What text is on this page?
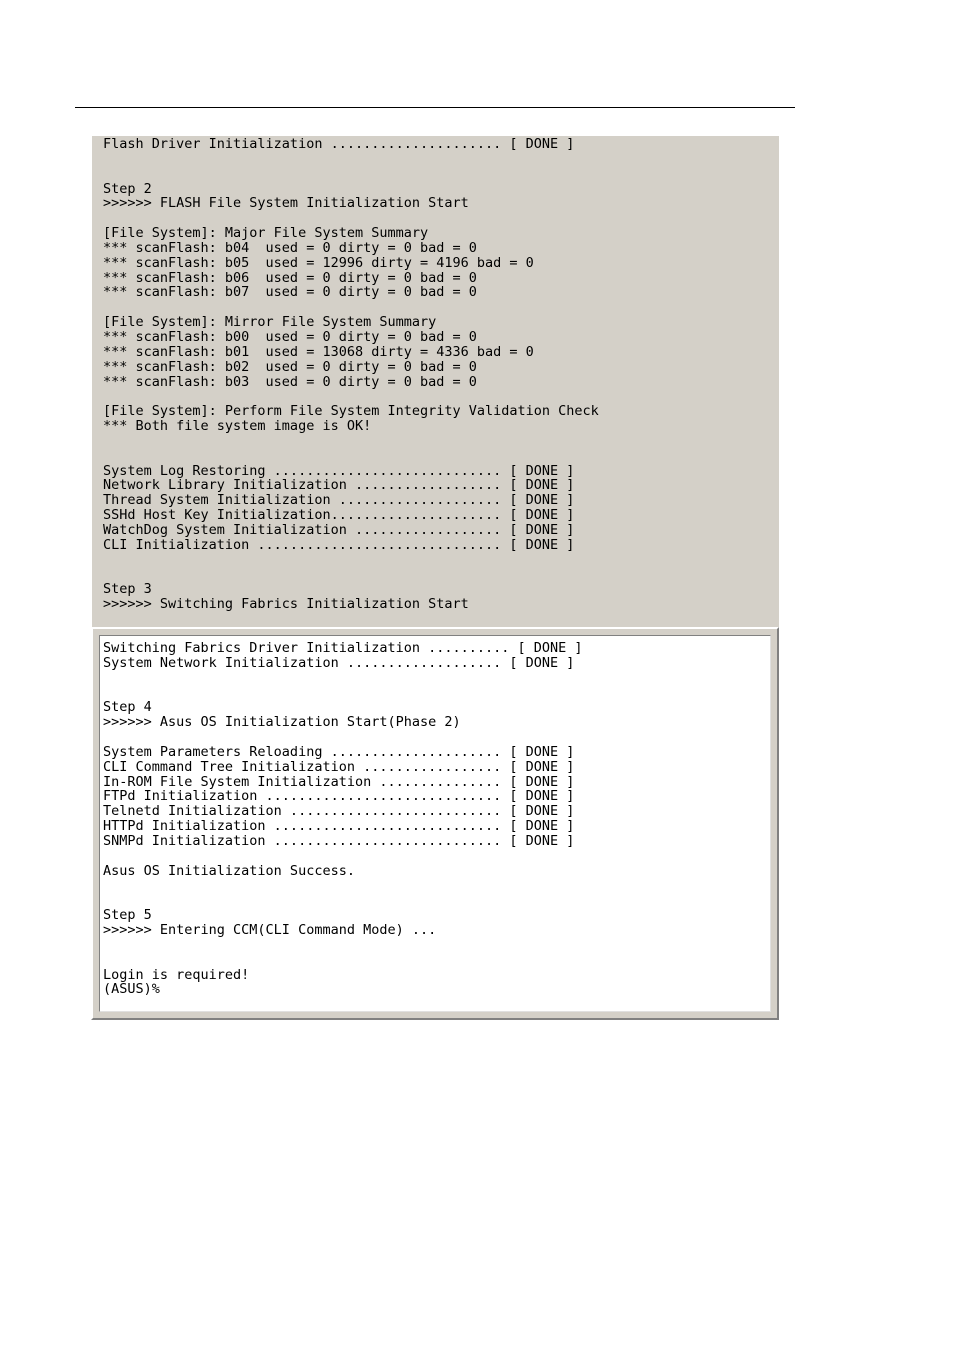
Flash Driver Initialization ..................... [ DONE ]

Step 2
>>>>>> FLASH File System Initialization Start

[File System]: Major File System Summary
*** scanFlash: b04  used = 0 dirty = 0 bad = 0
*** scanFlash: b05  used = 12996 dirty = 4196 bad = 0
*** scanFlash: b06  used = 0 dirty = 0 bad = 0
*** scanFlash: b07  used = 0 dirty = 0 bad = 0

[File System]: Mirror File System Summary
*** scanFlash: b00  used = 0 dirty = 0 bad = 0
*** scanFlash: b01  used = 13068 dirty = 4336 bad = 0
*** scanFlash: b02  used = 0 dirty = 0 bad = 0
*** scanFlash: b03  used = 0 dirty = 0 bad = 0

[File System]: Perform File System Integrity Validation Check
*** Both file system image is OK!

System Log Restoring ............................ [ DONE ]
Network Library Initialization .................. [ DONE ]
Thread System Initialization .................... [ DONE ]
SSHd Host Key Initialization..................... [ DONE ]
WatchDog System Initialization .................. [ DONE ]
CLI Initialization .............................. [ DONE ]

Step 3
>>>>>> Switching Fabrics Initialization Start
Switching Fabrics Driver Initialization .......... [ DONE ]
System Network Initialization ................... [ DONE ]

Step 4
>>>>>> Asus OS Initialization Start(Phase 2)

System Parameters Reloading ..................... [ DONE ]
CLI Command Tree Initialization ................. [ DONE ]
In-ROM File System Initialization ............... [ DONE ]
FTPd Initialization ............................. [ DONE ]
Telnetd Initialization .......................... [ DONE ]
HTTPd Initialization ............................ [ DONE ]
SNMPd Initialization ............................ [ DONE ]

Asus OS Initialization Success.

Step 5
>>>>>> Entering CCM(CLI Command Mode) ...

Login is required!
(ASUS)%
